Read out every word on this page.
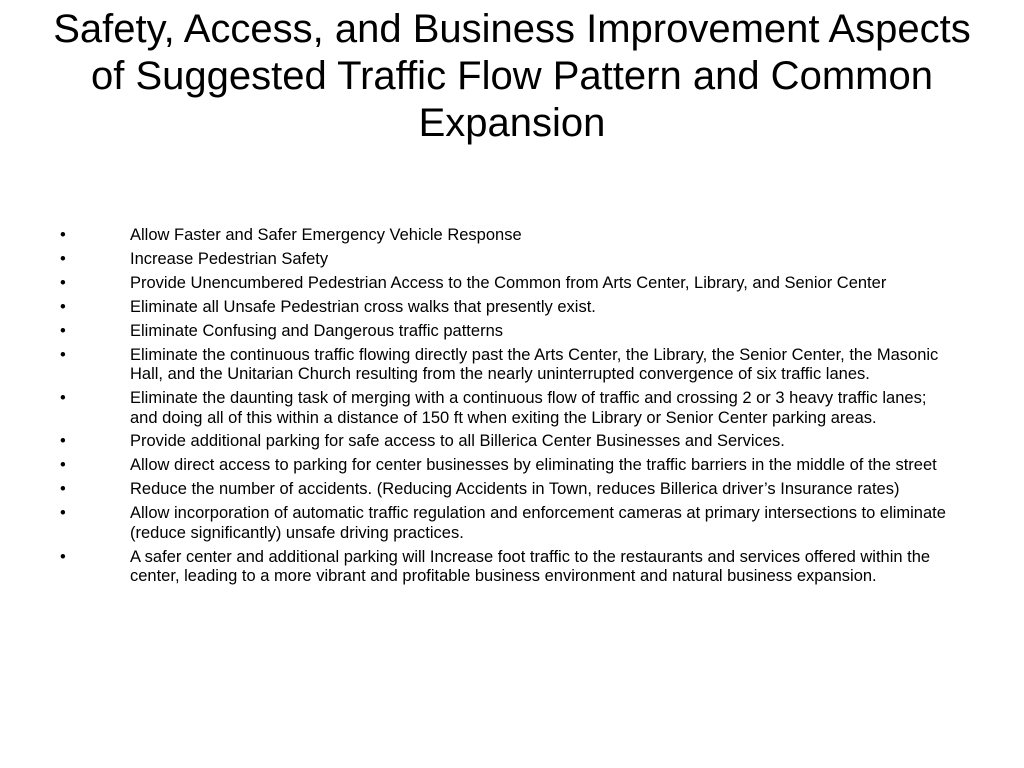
Safety, Access, and Business Improvement Aspects of Suggested Traffic Flow Pattern and Common Expansion
•	Allow Faster and Safer Emergency Vehicle Response
•	Increase Pedestrian Safety
•	Provide Unencumbered Pedestrian Access to the Common from Arts Center, Library, and Senior Center
•	Eliminate all Unsafe Pedestrian cross walks that presently exist.
•	Eliminate Confusing and Dangerous traffic patterns
•	Eliminate the continuous traffic flowing directly past the Arts Center, the Library, the Senior Center, the Masonic Hall, and the Unitarian Church resulting from the nearly uninterrupted convergence of six traffic lanes.
•	Eliminate the daunting task of merging with a continuous flow of traffic and crossing 2 or 3 heavy traffic lanes; and doing all of this within a distance of 150 ft when exiting the Library or Senior Center parking areas.
•	Provide additional parking for safe access to all Billerica Center Businesses and Services.
•	Allow direct access to parking for center businesses by eliminating the traffic barriers in the middle of the street
•	Reduce the number of accidents. (Reducing Accidents in Town, reduces Billerica driver’s Insurance rates)
•	Allow incorporation of automatic traffic regulation and enforcement cameras at primary intersections to eliminate (reduce significantly) unsafe driving practices.
•	A safer center and additional parking will Increase foot traffic to the restaurants and services offered within the center, leading to a more vibrant and profitable business environment and natural business expansion.
